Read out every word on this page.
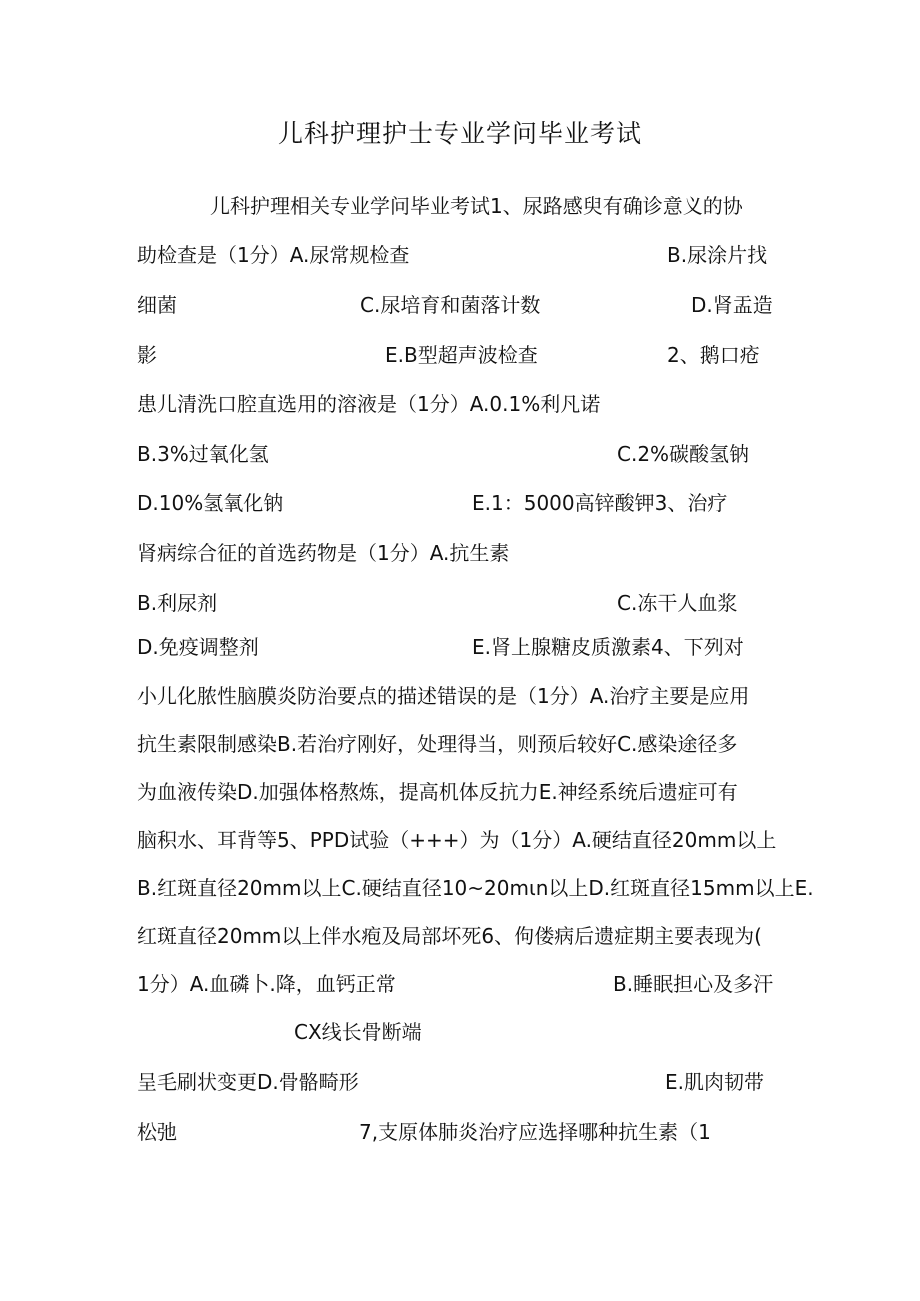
儿科护理护士专业学问毕业考试
儿科护理相关专业学问毕业考试1、尿路感臾有确诊意义的协
助检查是（1分）A.尿常规检查	B.尿涂片找
细菌	C.尿培育和菌落计数	D.肾盂造
影	E.B型超声波检查	2、鹅口疮
患儿清洗口腔直选用的溶液是（1分）A.0.1%利凡诺
B.3%过氧化氢	C.2%碳酸氢钠
D.10%氢氧化钠	E.1：5000高锌酸钾3、治疗
肾病综合征的首选药物是（1分）A.抗生素
B.利尿剂	C.冻干人血浆
D.免疫调整剂	E.肾上腺糖皮质激素4、下列对
小儿化脓性脑膜炎防治要点的描述错误的是（1分）A.治疗主要是应用
抗生素限制感染B.若治疗刚好，处理得当，则预后较好C.感染途径多
为血液传染D.加强体格熬炼，提高机体反抗力E.神经系统后遗症可有
脑积水、耳背等5、PPD试验（+++）为（1分）A.硬结直径20mm以上
B.红斑直径20mm以上C.硬结直径10~20mιn以上D.红斑直径15mm以上E.
红斑直径20mm以上伴水疱及局部坏死6、佝偻病后遗症期主要表现为(
1分）A.血磷卜.降，血钙正常	B.睡眠担心及多汗
CX线长骨断端
呈毛刷状变更D.骨骼畸形	E.肌肉韧带
松弛	7,支原体肺炎治疗应选择哪种抗生素（1
